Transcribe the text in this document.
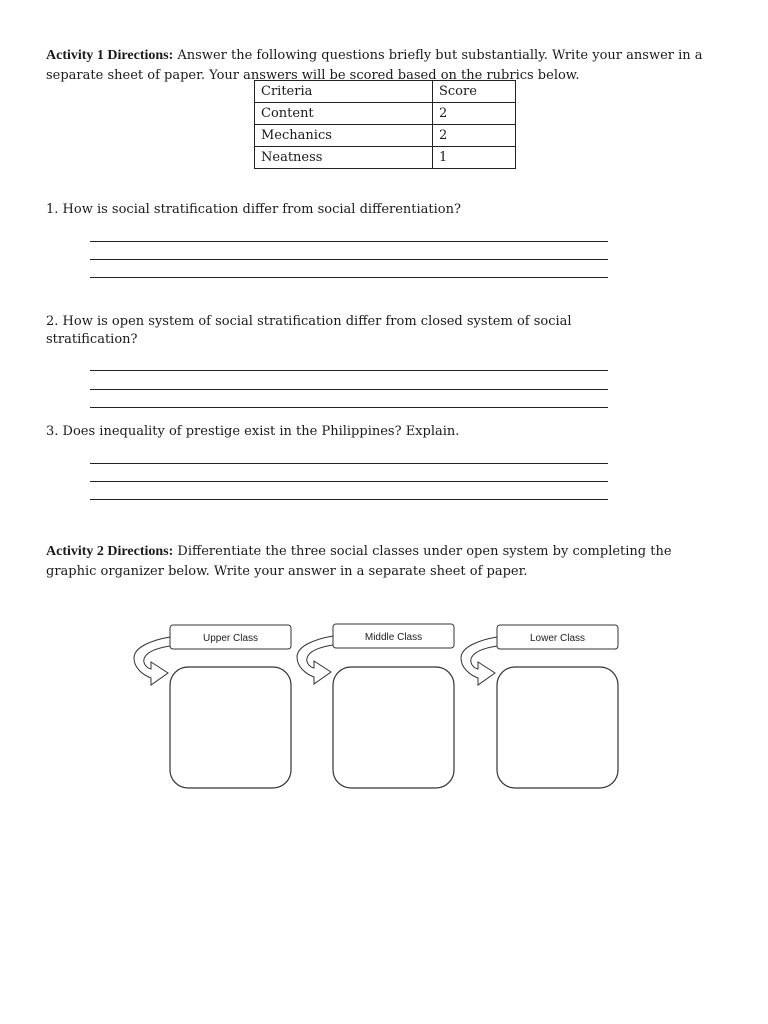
Activity 1 Directions: Answer the following questions briefly but substantially. Write your answer in a separate sheet of paper. Your answers will be scored based on the rubrics below.

Criteria	Score
Content	2
Mechanics	2
Neatness	1

1. How is social stratification differ from social differentiation?

2. How is open system of social stratification differ from closed system of social stratification?

3. Does inequality of prestige exist in the Philippines? Explain.

Activity 2 Directions: Differentiate the three social classes under open system by completing the graphic organizer below. Write your answer in a separate sheet of paper.

Upper Class	Middle Class	Lower Class
